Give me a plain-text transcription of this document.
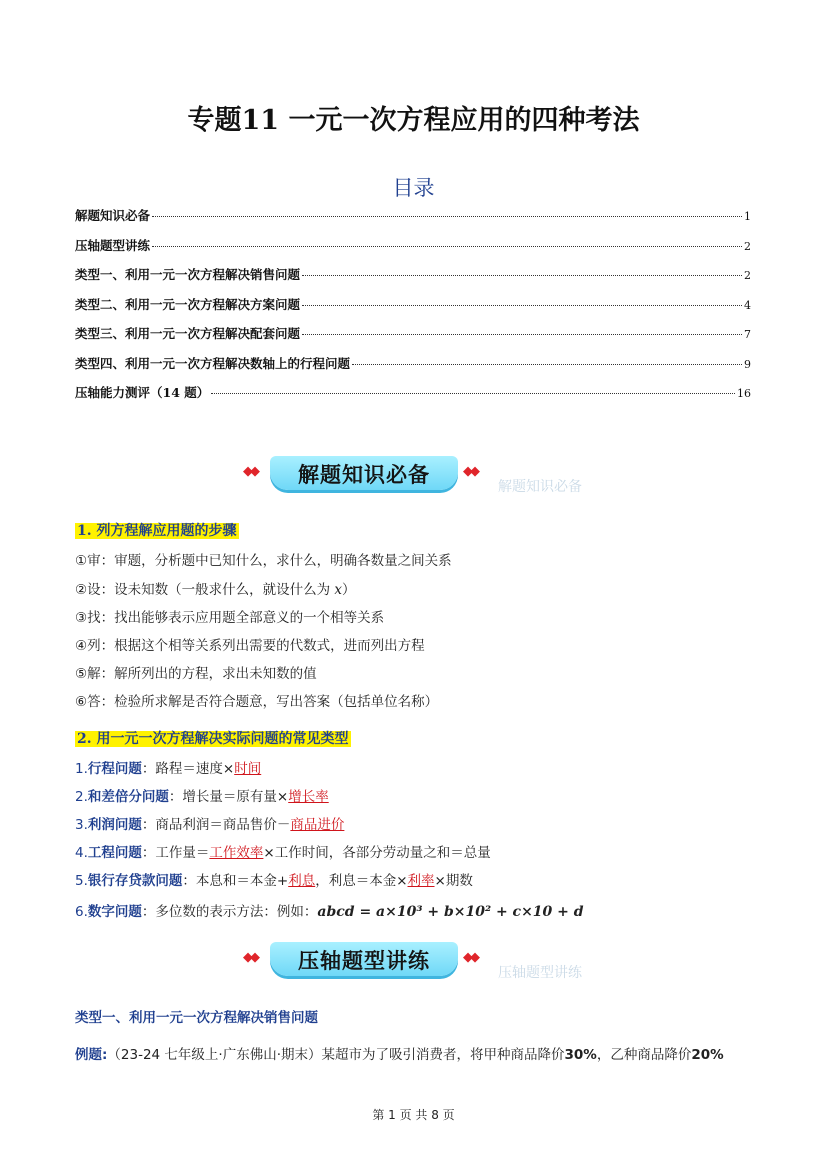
专题11 一元一次方程应用的四种考法
目录
解题知识必备	1
压轴题型讲练	2
类型一、利用一元一次方程解决销售问题	2
类型二、利用一元一次方程解决方案问题	4
类型三、利用一元一次方程解决配套问题	7
类型四、利用一元一次方程解决数轴上的行程问题	9
压轴能力测评（14 题）	16
◆◆	解题知识必备	◆◆
解题知识必备
1. 列方程解应用题的步骤
①审：审题，分析题中已知什么，求什么，明确各数量之间关系
②设：设未知数（一般求什么，就设什么为 x）
③找：找出能够表示应用题全部意义的一个相等关系
④列：根据这个相等关系列出需要的代数式，进而列出方程
⑤解：解所列出的方程，求出未知数的值
⑥答：检验所求解是否符合题意，写出答案（包括单位名称）
2. 用一元一次方程解决实际问题的常见类型
1.行程问题：路程＝速度×时间
2.和差倍分问题：增长量＝原有量×增长率
3.利润问题：商品利润＝商品售价－商品进价
4.工程问题：工作量＝工作效率×工作时间，各部分劳动量之和＝总量
5.银行存贷款问题：本息和＝本金+利息，利息＝本金×利率×期数
6.数字问题：多位数的表示方法：例如：abcd = a×10³ + b×10² + c×10 + d
◆◆	压轴题型讲练	◆◆
压轴题型讲练
类型一、利用一元一次方程解决销售问题
例题:（23-24 七年级上·广东佛山·期末）某超市为了吸引消费者，将甲种商品降价30%，乙种商品降价20%
第 1 页 共 8 页
